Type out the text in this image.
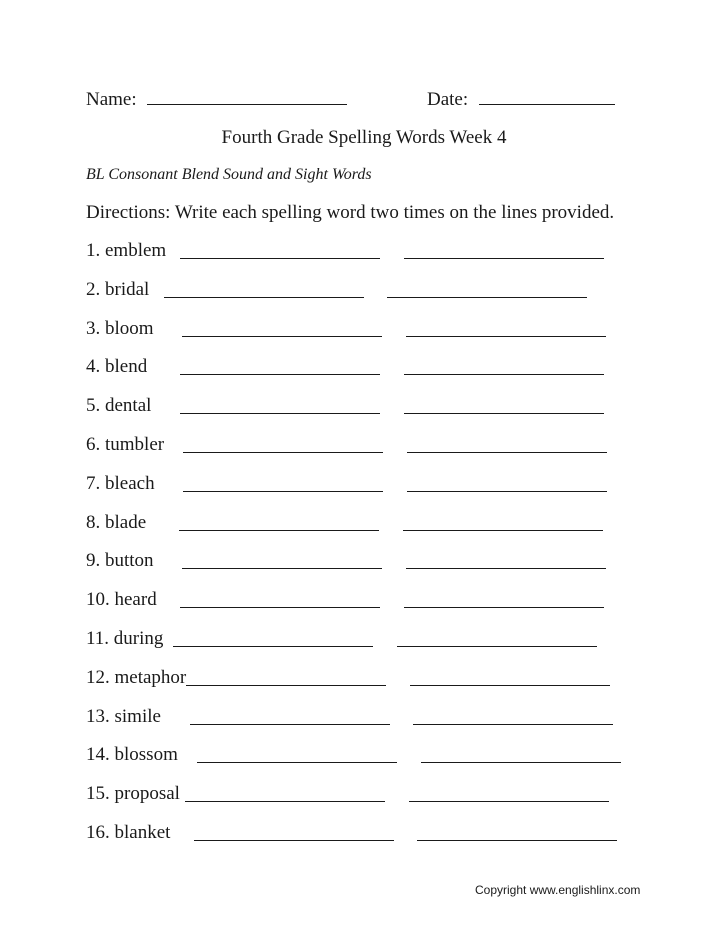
Name:	Date:
Fourth Grade Spelling Words Week 4
BL Consonant Blend Sound and Sight Words
Directions: Write each spelling word two times on the lines provided.
1. emblem
2. bridal
3. bloom
4. blend
5. dental
6. tumbler
7. bleach
8. blade
9. button
10. heard
11. during
12. metaphor
13. simile
14. blossom
15. proposal
16. blanket
Copyright www.englishlinx.com
